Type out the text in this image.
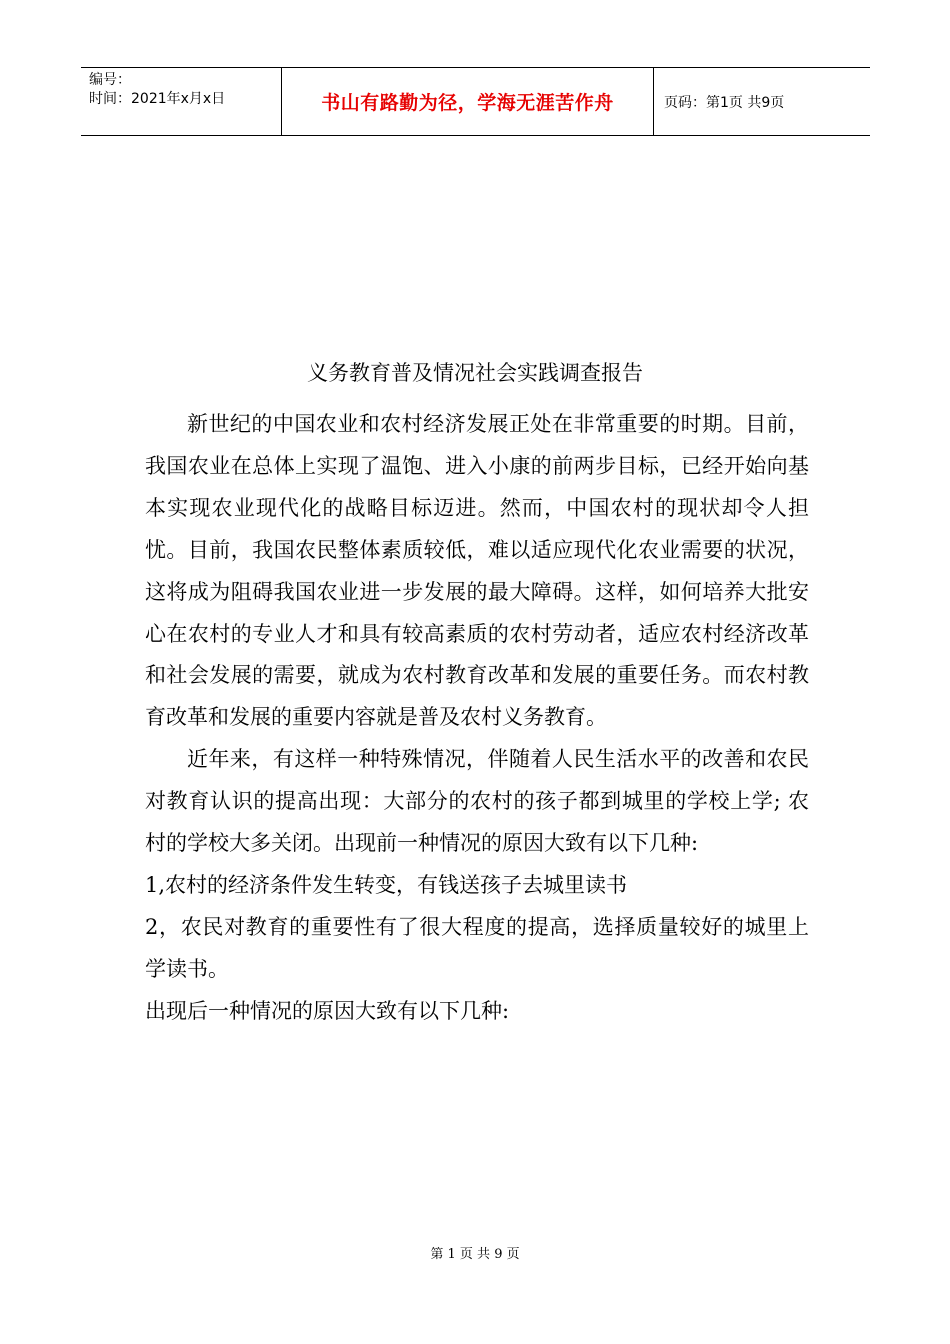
编号：
时间：2021年x月x日	书山有路勤为径，学海无涯苦作舟	页码：第1页 共9页
义务教育普及情况社会实践调查报告

新世纪的中国农业和农村经济发展正处在非常重要的时期。目前，我国农业在总体上实现了温饱、进入小康的前两步目标，已经开始向基本实现农业现代化的战略目标迈进。然而，中国农村的现状却令人担忧。目前，我国农民整体素质较低，难以适应现代化农业需要的状况，这将成为阻碍我国农业进一步发展的最大障碍。这样，如何培养大批安心在农村的专业人才和具有较高素质的农村劳动者，适应农村经济改革和社会发展的需要，就成为农村教育改革和发展的重要任务。而农村教育改革和发展的重要内容就是普及农村义务教育。

近年来，有这样一种特殊情况，伴随着人民生活水平的改善和农民对教育认识的提高出现：大部分的农村的孩子都到城里的学校上学; 农村的学校大多关闭。出现前一种情况的原因大致有以下几种:

1,农村的经济条件发生转变，有钱送孩子去城里读书

2，农民对教育的重要性有了很大程度的提高，选择质量较好的城里上学读书。

出现后一种情况的原因大致有以下几种:

第 1 页 共 9 页
